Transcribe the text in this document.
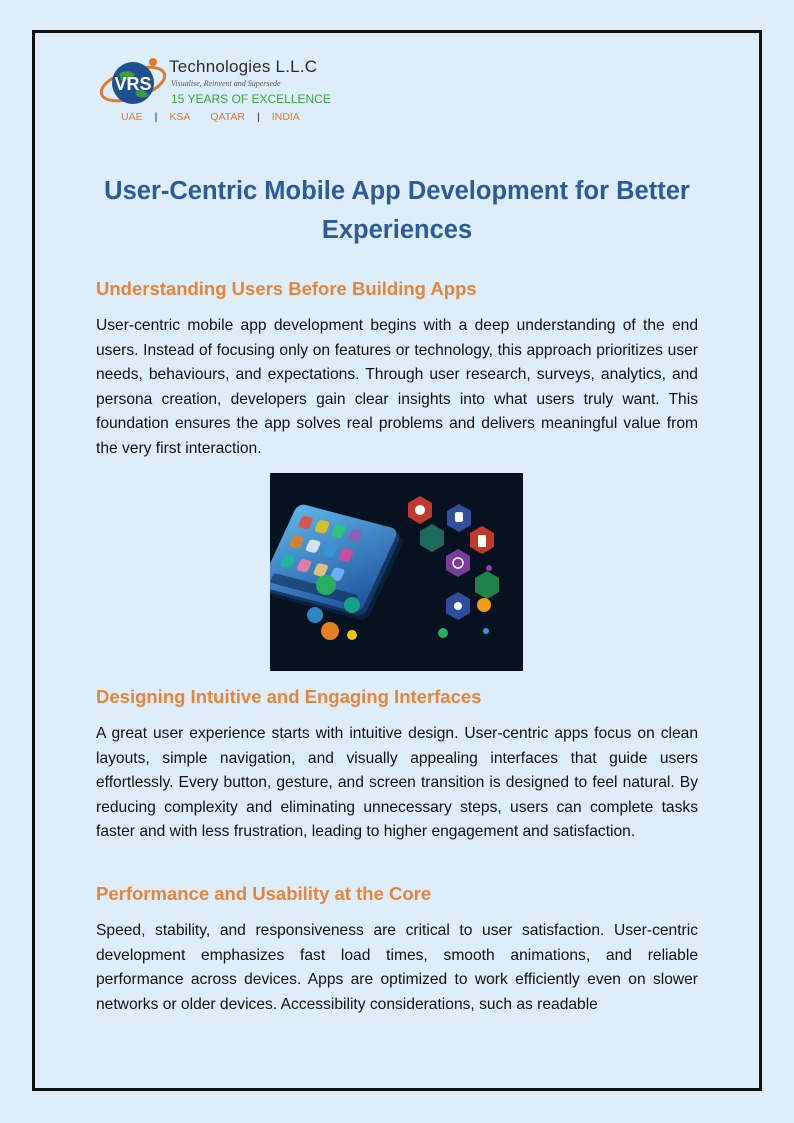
VRS
Technologies L.L.C
Visualise, Reinvent and Supersede
15 YEARS OF EXCELLENCE
UAE | KSA QATAR | INDIA
User-Centric Mobile App Development for Better Experiences
Understanding Users Before Building Apps

User-centric mobile app development begins with a deep understanding of the end users. Instead of focusing only on features or technology, this approach prioritizes user needs, behaviours, and expectations. Through user research, surveys, analytics, and persona creation, developers gain clear insights into what users truly want. This foundation ensures the app solves real problems and delivers meaningful value from the very first interaction.

Designing Intuitive and Engaging Interfaces

A great user experience starts with intuitive design. User-centric apps focus on clean layouts, simple navigation, and visually appealing interfaces that guide users effortlessly. Every button, gesture, and screen transition is designed to feel natural. By reducing complexity and eliminating unnecessary steps, users can complete tasks faster and with less frustration, leading to higher engagement and satisfaction.

Performance and Usability at the Core

Speed, stability, and responsiveness are critical to user satisfaction. User-centric development emphasizes fast load times, smooth animations, and reliable performance across devices. Apps are optimized to work efficiently even on slower networks or older devices. Accessibility considerations, such as readable
